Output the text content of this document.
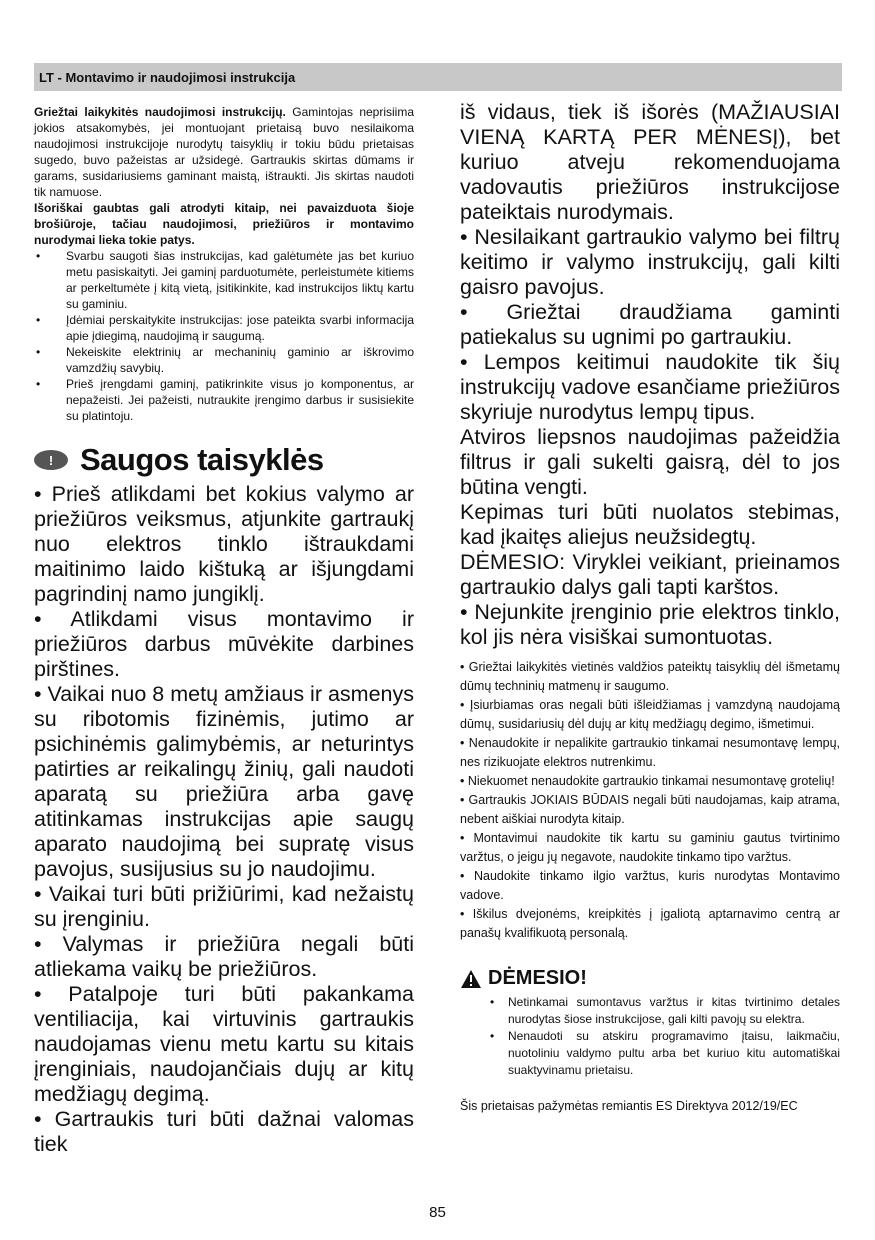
LT - Montavimo ir naudojimosi instrukcija

Griežtai laikykitės naudojimosi instrukcijų. Gamintojas neprisiima jokios atsakomybės, jei montuojant prietaisą buvo nesilaikoma naudojimosi instrukcijoje nurodytų taisyklių ir tokiu būdu prietaisas sugedo, buvo pažeistas ar užsidegė. Gartraukis skirtas dūmams ir garams, susidariusiems gaminant maistą, ištraukti. Jis skirtas naudoti tik namuose.

Išoriškai gaubtas gali atrodyti kitaip, nei pavaizduota šioje brošiūroje, tačiau naudojimosi, priežiūros ir montavimo nurodymai lieka tokie patys.

• Svarbu saugoti šias instrukcijas, kad galėtumėte jas bet kuriuo metu pasiskaityti. Jei gaminį parduotumėte, perleistumėte kitiems ar perkeltumėte į kitą vietą, įsitikinkite, kad instrukcijos liktų kartu su gaminiu.
• Įdėmiai perskaitykite instrukcijas: jose pateikta svarbi informacija apie įdiegimą, naudojimą ir saugumą.
• Nekeiskite elektrinių ar mechaninių gaminio ar iškrovimo vamzdžių savybių.
• Prieš įrengdami gaminį, patikrinkite visus jo komponentus, ar nepažeisti. Jei pažeisti, nutraukite įrengimo darbus ir susisiekite su platintoju.
! Saugos taisyklės

• Prieš atlikdami bet kokius valymo ar priežiūros veiksmus, atjunkite gartraukį nuo elektros tinklo ištraukdami maitinimo laido kištuką ar išjungdami pagrindinį namo jungiklį.

• Atlikdami visus montavimo ir priežiūros darbus mūvėkite darbines pirštines.

• Vaikai nuo 8 metų amžiaus ir asmenys su ribotomis fizinėmis, jutimo ar psichinėmis galimybėmis, ar neturintys patirties ar reikalingų žinių, gali naudoti aparatą su priežiūra arba gavę atitinkamas instrukcijas apie saugų aparato naudojimą bei supratę visus pavojus, susijusius su jo naudojimu.

• Vaikai turi būti prižiūrimi, kad nežaistų su įrenginiu.

• Valymas ir priežiūra negali būti atliekama vaikų be priežiūros.

• Patalpoje turi būti pakankama ventiliacija, kai virtuvinis gartraukis naudojamas vienu metu kartu su kitais įrenginiais, naudojančiais dujų ar kitų medžiagų degimą.

• Gartraukis turi būti dažnai valomas tiek

iš vidaus, tiek iš išorės (MAŽIAUSIAI VIENĄ KARTĄ PER MĖNESĮ), bet kuriuo atveju rekomenduojama vadovautis priežiūros instrukcijose pateiktais nurodymais.

• Nesilaikant gartraukio valymo bei filtrų keitimo ir valymo instrukcijų, gali kilti gaisro pavojus.

• Griežtai draudžiama gaminti patiekalus su ugnimi po gartraukiu.

• Lempos keitimui naudokite tik šių instrukcijų vadove esančiame priežiūros skyriuje nurodytus lempų tipus.

Atviros liepsnos naudojimas pažeidžia filtrus ir gali sukelti gaisrą, dėl to jos būtina vengti.

Kepimas turi būti nuolatos stebimas, kad įkaitęs aliejus neužsidegtų.

DĖMESIO: Viryklei veikiant, prieinamos gartraukio dalys gali tapti karštos.

• Nejunkite įrenginio prie elektros tinklo, kol jis nėra visiškai sumontuotas.

• Griežtai laikykitės vietinės valdžios pateiktų taisyklių dėl išmetamų dūmų techninių matmenų ir saugumo.

• Įsiurbiamas oras negali būti išleidžiamas į vamzdyną naudojamą dūmų, susidariusių dėl dujų ar kitų medžiagų degimo, išmetimui.

• Nenaudokite ir nepalikite gartraukio tinkamai nesumontavę lempų, nes rizikuojate elektros nutrenkimu.

• Niekuomet nenaudokite gartraukio tinkamai nesumontavę grotelių!

• Gartraukis JOKIAIS BŪDAIS negali būti naudojamas, kaip atrama, nebent aiškiai nurodyta kitaip.

• Montavimui naudokite tik kartu su gaminiu gautus tvirtinimo varžtus, o jeigu jų negavote, naudokite tinkamo tipo varžtus.

• Naudokite tinkamo ilgio varžtus, kuris nurodytas Montavimo vadove.

• Iškilus dvejonėms, kreipkitės į įgaliotą aptarnavimo centrą ar panašų kvalifikuotą personalą.

DĖMESIO!
• Netinkamai sumontavus varžtus ir kitas tvirtinimo detales nurodytas šiose instrukcijose, gali kilti pavojų su elektra.
• Nenaudoti su atskiru programavimo įtaisu, laikmačiu, nuotoliniu valdymo pultu arba bet kuriuo kitu automatiškai suaktyvinamu prietaisu.

Šis prietaisas pažymėtas remiantis ES Direktyva 2012/19/EC

85
